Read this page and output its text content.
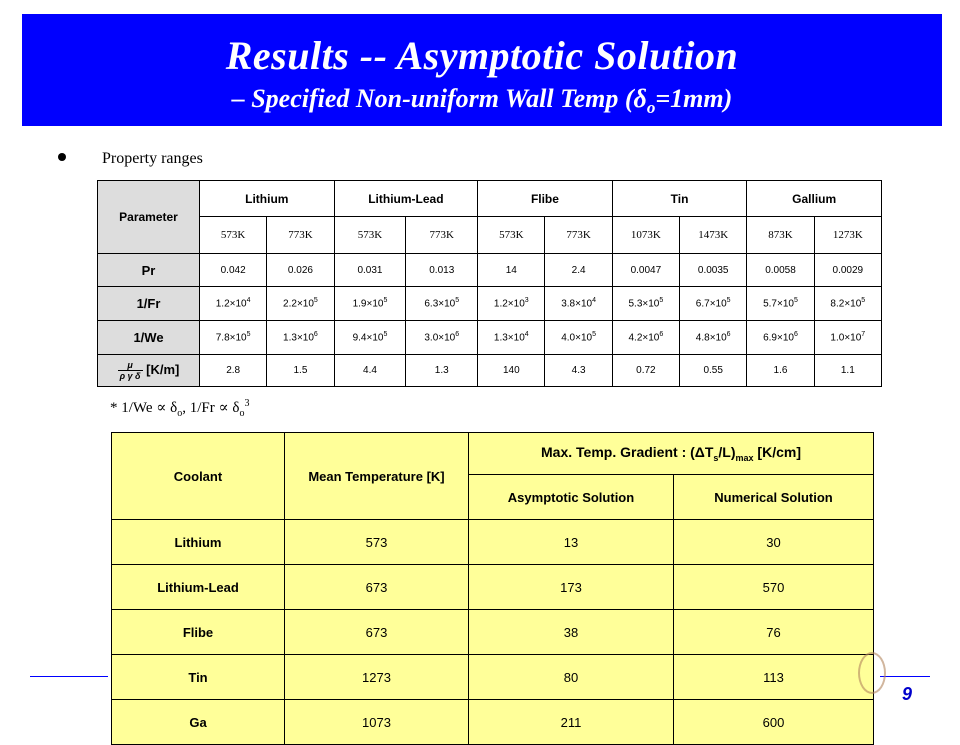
Results -- Asymptotic Solution
– Specified Non-uniform Wall Temp $(\delta_o=1mm)$
Property ranges
Parameter	Lithium		Lithium-Lead		Flibe		Tin		Gallium	
	573K	773K	573K	773K	573K	773K	1073K	1473K	873K	1273K
Pr	0.042	0.026	0.031	0.013	14	2.4	0.0047	0.0035	0.0058	0.0029
1/Fr	$1.2\times 10^4$	$2.2\times 10^5$	$1.9\times 10^5$	$6.3\times 10^5$	$1.2\times 10^3$	$3.8\times 10^4$	$5.3\times 10^5$	$6.7\times 10^5$	$5.7\times 10^5$	$8.2\times 10^5$
1/We	$7.8\times 10^5$	$1.3\times 10^6$	$9.4\times 10^5$	$3.0\times 10^6$	$1.3\times 10^4$	$4.0\times 10^5$	$4.2\times 10^6$	$4.8\times 10^6$	$6.9\times 10^6$	$1.0\times 10^7$

$\frac{\mu}{\text{ρ γ δ}} [K/m]$	2.8	1.5	4.4	1.3	140	4.3	0.72	0.55	1.6	1.1
* $1/We \propto \delta_o$, $1/Fr \propto \delta_o^3$
Coolant	Mean Temperature [K]	Max. Temp. Gradient : $(\Delta T_s/L)_{max}$ [K/cm]	
		Asymptotic Solution	Numerical Solution
Lithium	573	13	30
Lithium-Lead	673	173	570
Flibe	673	38	76
Tin	1273	80	113
Ga	1073	211	600
9
